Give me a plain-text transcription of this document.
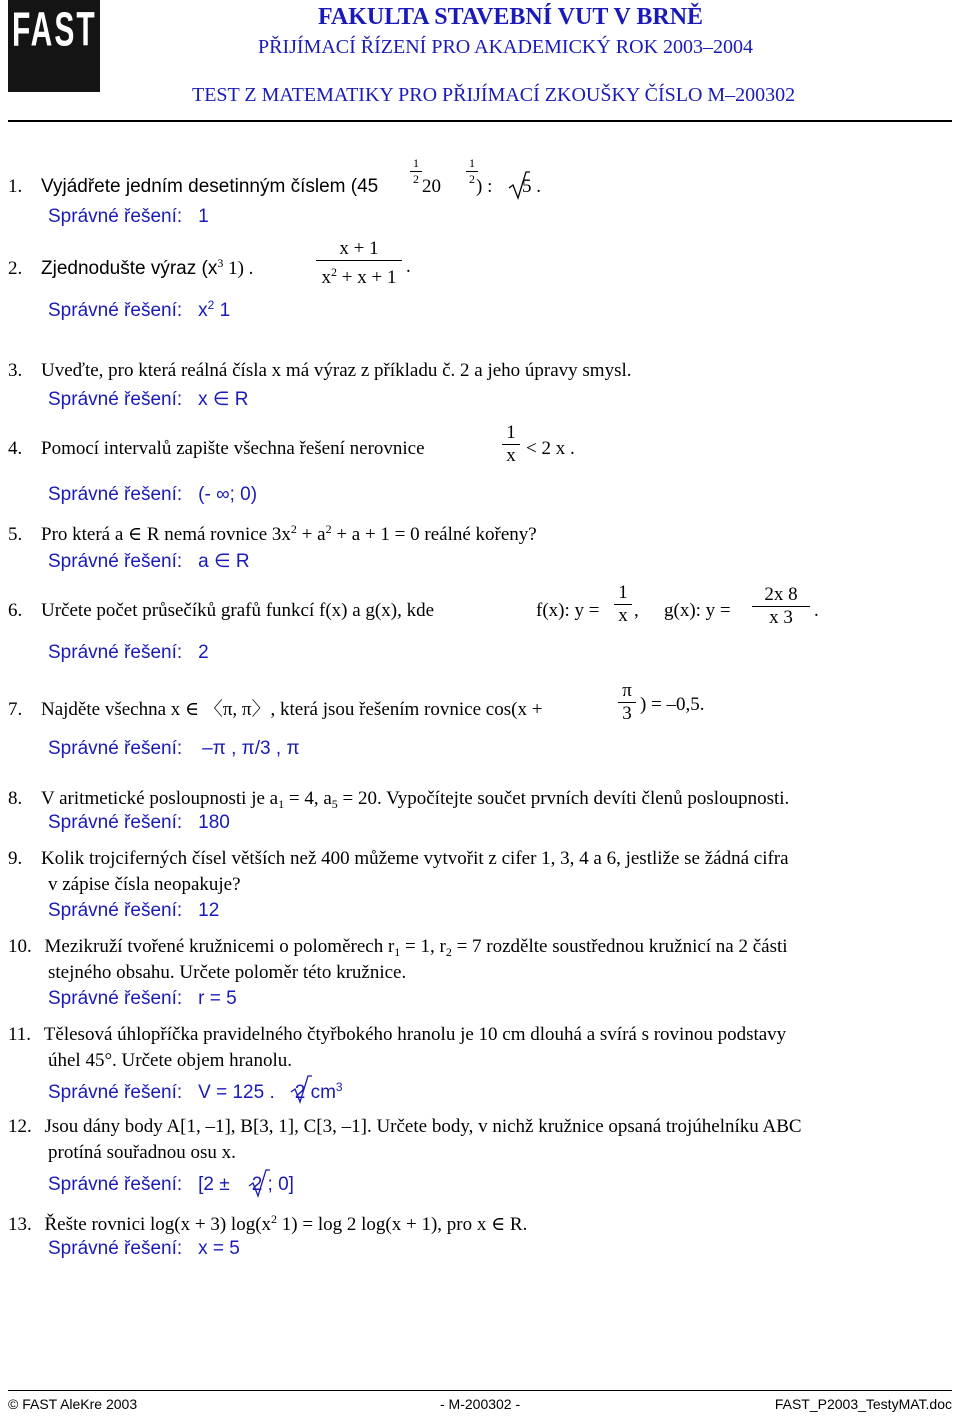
FAST	FAKULTA STAVEBNÍ VUT V BRNĚ
PŘIJÍMACÍ ŘÍZENÍ PRO AKADEMICKÝ ROK 2003–2004
TEST Z MATEMATIKY PRO PŘIJÍMACÍ ZKOUŠKY ČÍSLO M–200302
1. Vyjádřete jedním desetinným číslem (45
1
2 20
1
2 ) : 5 .
Správné řešení: 1
2. Zjednodušte výraz ($x^3$ 1) .
x + 1
$x^2 + x + 1$
.
Správné řešení: $x^2$ 1
3. Uveďte, pro která reálná čísla x má výraz z příkladu č. 2 a jeho úpravy smysl.
Správné řešení: x ∈ R
4. Pomocí intervalů zapište všechna řešení nerovnice
1
x < 2 x .
Správné řešení: (- ∞; 0)
5. Pro která a ∈ R nemá rovnice $3x^2 + a^2 + a + 1 = 0$ reálné kořeny?
Správné řešení: a ∈ R
6. Určete počet průsečíků grafů funkcí f(x) a g(x), kde	f(x): y =
1
x , g(x): y =
2x 8
x 3	.
Správné řešení: 2
7. Najděte všechna x ∈ 〈π, π〉, která jsou řešením rovnice cos(x +
π
3 ) = –0,5.
Správné řešení: –π , π/3 , π
8. V aritmetické posloupnosti je $a_1 = 4$, $a_5 = 20$. Vypočítejte součet prvních devíti členů posloupnosti.
Správné řešení: 180
9. Kolik trojciferných čísel větších než 400 můžeme vytvořit z cifer 1, 3, 4 a 6, jestliže se žádná cifra
v zápise čísla neopakuje?
Správné řešení: 12
10. Mezikruží tvořené kružnicemi o poloměrech $r_1 = 1$, $r_2 = 7$ rozdělte soustřednou kružnicí na 2 části
stejného obsahu. Určete poloměr této kružnice.
Správné řešení: r = 5
11. Tělesová úhlopříčka pravidelného čtyřbokého hranolu je 10 cm dlouhá a svírá s rovinou podstavy
úhel 45°. Určete objem hranolu.
Správné řešení: V = 125 . 2 $cm^3$
12. Jsou dány body A[1, –1], B[3, 1], C[3, –1]. Určete body, v nichž kružnice opsaná trojúhelníku ABC
protíná souřadnou osu x.
Správné řešení: [2 ± 2 ; 0]
13. Řešte rovnici log(x + 3) $\log(x^2$ 1) = log 2 log(x + 1), pro x ∈ R.
Správné řešení: x = 5
© FAST AleKre 2003	- M-200302 -	FAST_P2003_TestyMAT.doc
